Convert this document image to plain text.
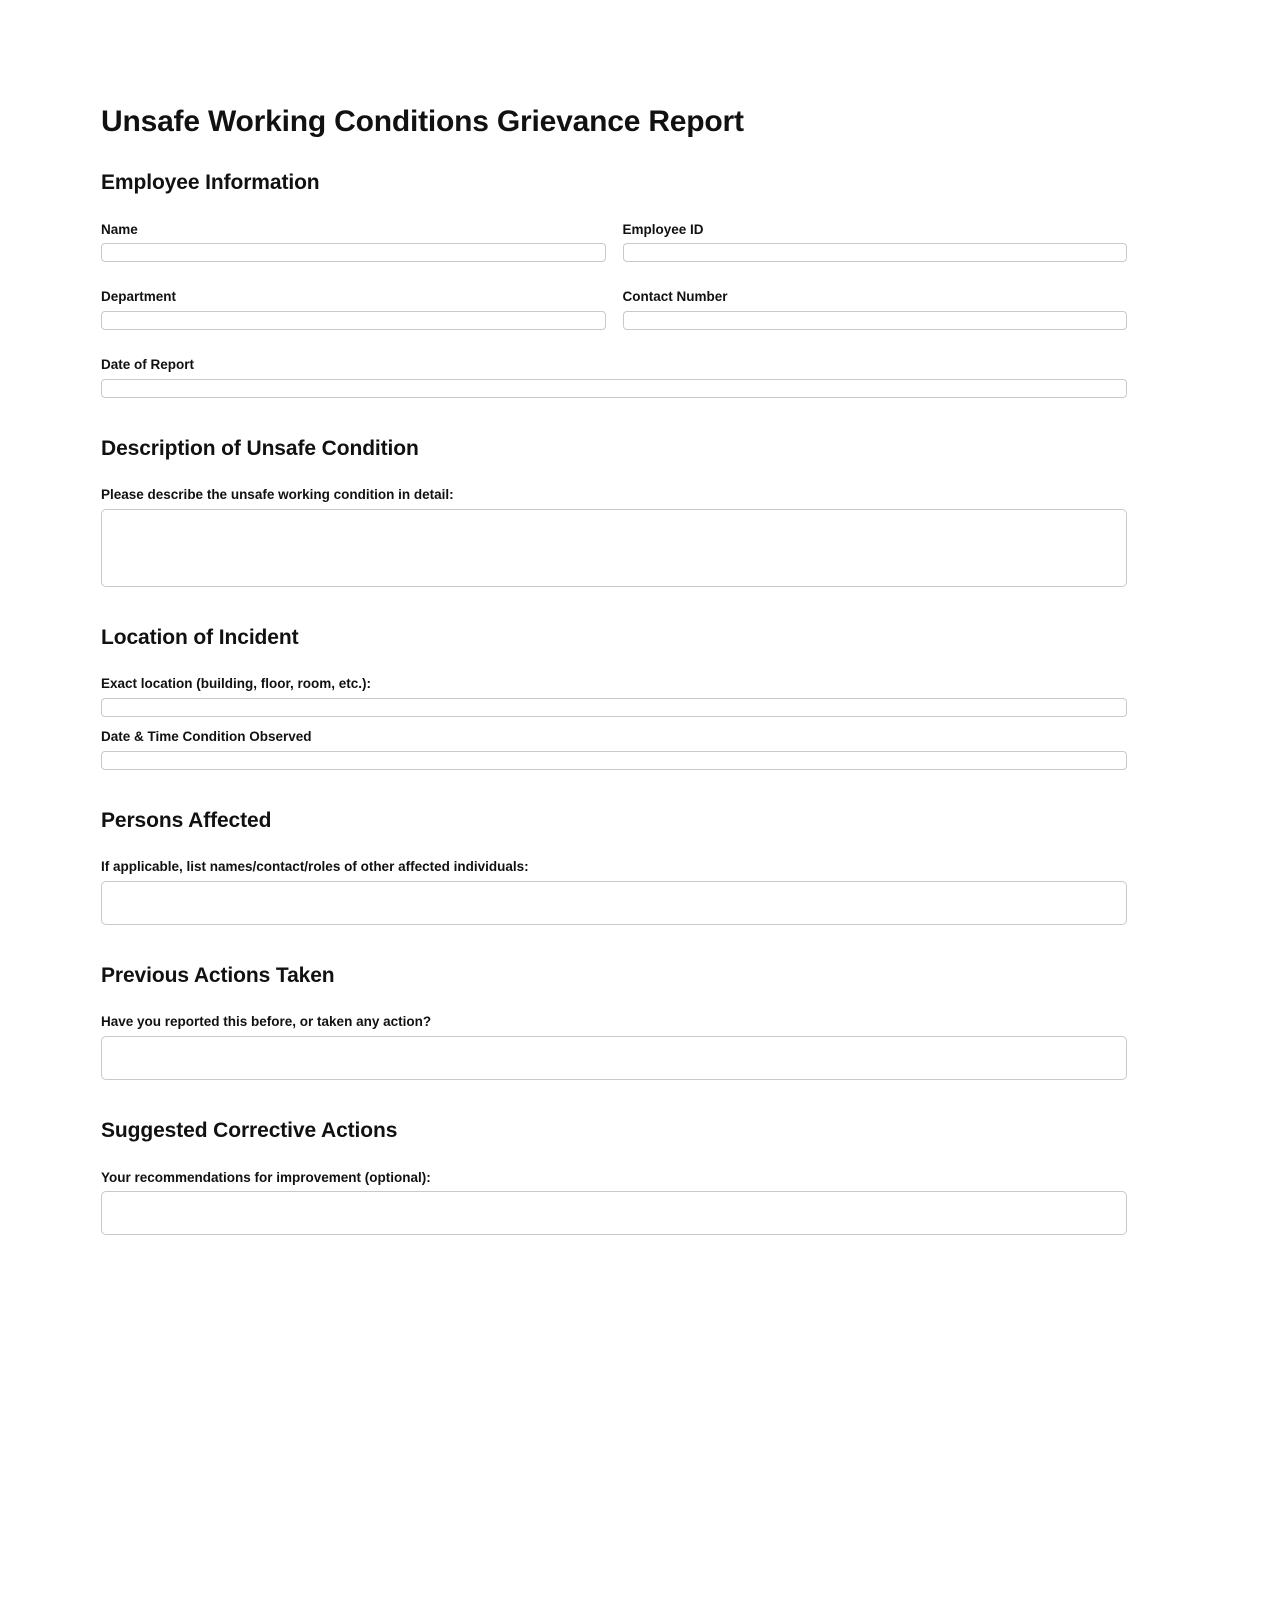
Unsafe Working Conditions Grievance Report
Employee Information
Name	Employee ID
Department	Contact Number
Date of Report
Description of Unsafe Condition
Please describe the unsafe working condition in detail:
Location of Incident
Exact location (building, floor, room, etc.):
Date & Time Condition Observed
Persons Affected
If applicable, list names/contact/roles of other affected individuals:
Previous Actions Taken
Have you reported this before, or taken any action?
Suggested Corrective Actions
Your recommendations for improvement (optional):
